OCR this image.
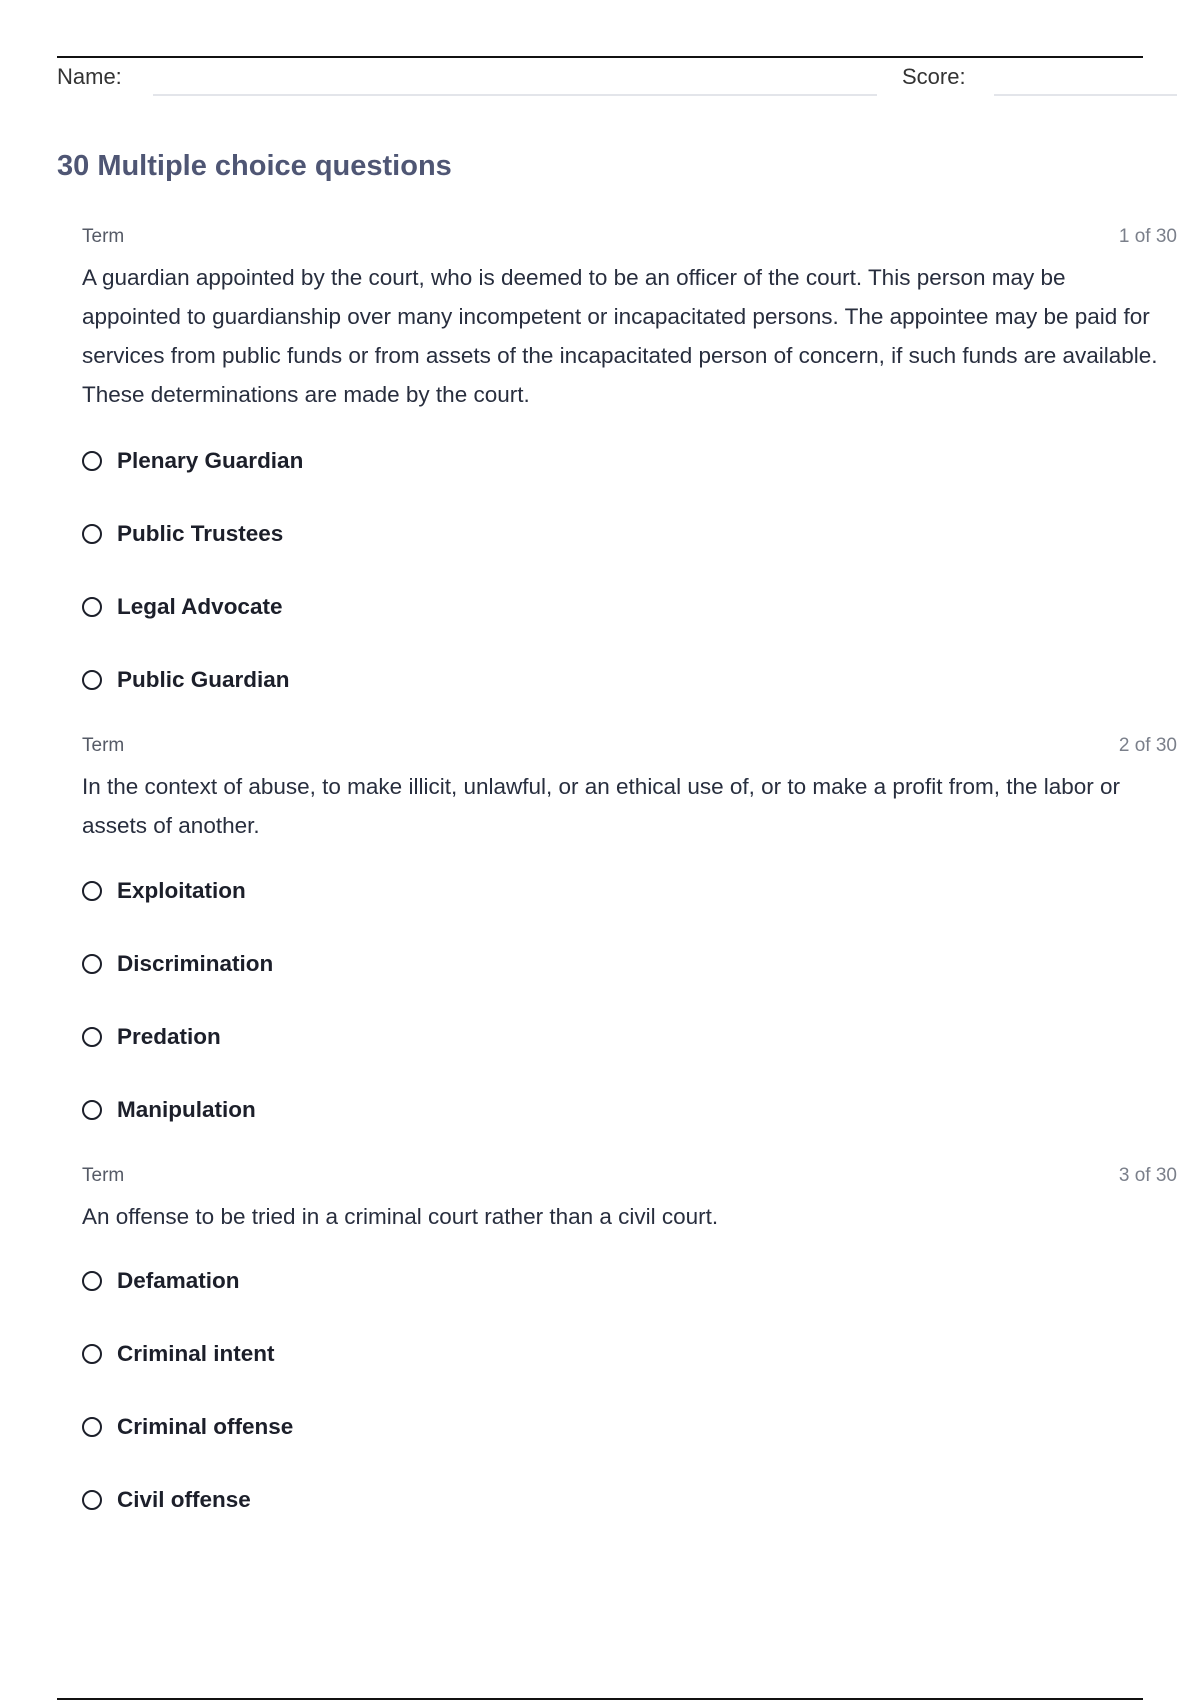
Name:	Score:
30 Multiple choice questions
Term	1 of 30

A guardian appointed by the court, who is deemed to be an officer of the court. This person may be appointed to guardianship over many incompetent or incapacitated persons. The appointee may be paid for services from public funds or from assets of the incapacitated person of concern, if such funds are available. These determinations are made by the court.

Plenary Guardian
Public Trustees
Legal Advocate
Public Guardian
Term	2 of 30

In the context of abuse, to make illicit, unlawful, or an ethical use of, or to make a profit from, the labor or assets of another.

Exploitation
Discrimination
Predation
Manipulation
Term	3 of 30

An offense to be tried in a criminal court rather than a civil court.

Defamation
Criminal intent
Criminal offense
Civil offense
